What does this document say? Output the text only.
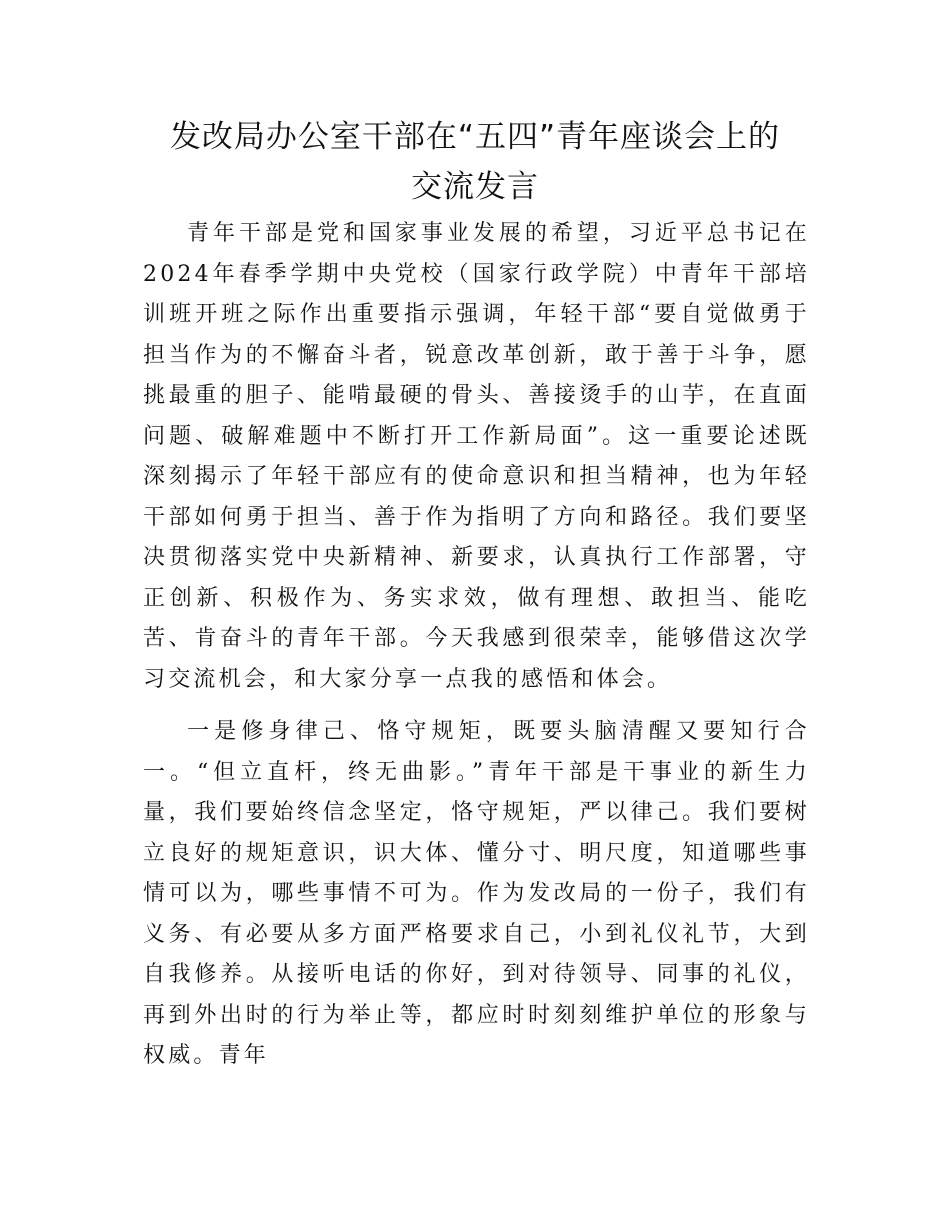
发改局办公室干部在“五四”青年座谈会上的
交流发言

青年干部是党和国家事业发展的希望，习近平总书记在2024年春季学期中央党校（国家行政学院）中青年干部培训班开班之际作出重要指示强调，年轻干部“要自觉做勇于担当作为的不懈奋斗者，锐意改革创新，敢于善于斗争，愿挑最重的胆子、能啃最硬的骨头、善接烫手的山芋，在直面问题、破解难题中不断打开工作新局面”。这一重要论述既深刻揭示了年轻干部应有的使命意识和担当精神，也为年轻干部如何勇于担当、善于作为指明了方向和路径。我们要坚决贯彻落实党中央新精神、新要求，认真执行工作部署，守正创新、积极作为、务实求效，做有理想、敢担当、能吃苦、肯奋斗的青年干部。今天我感到很荣幸，能够借这次学习交流机会，和大家分享一点我的感悟和体会。

一是修身律己、恪守规矩，既要头脑清醒又要知行合一。“但立直杆，终无曲影。”青年干部是干事业的新生力量，我们要始终信念坚定，恪守规矩，严以律己。我们要树立良好的规矩意识，识大体、懂分寸、明尺度，知道哪些事情可以为，哪些事情不可为。作为发改局的一份子，我们有义务、有必要从多方面严格要求自己，小到礼仪礼节，大到自我修养。从接听电话的你好，到对待领导、同事的礼仪，再到外出时的行为举止等，都应时时刻刻维护单位的形象与权威。青年
